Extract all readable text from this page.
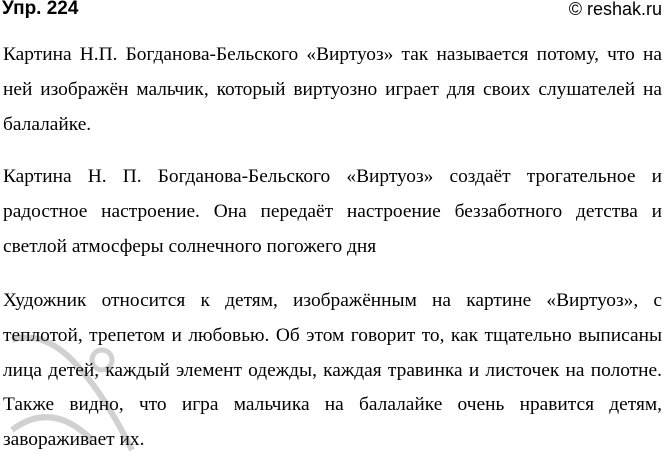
Упр. 224	© reshak.ru

Картина Н.П. Богданова-Бельского «Виртуоз» так называется потому, что на ней изображён мальчик, который виртуозно играет для своих слушателей на балалайке.

Картина Н. П. Богданова-Бельского «Виртуоз» создаёт трогательное и радостное настроение. Она передаёт настроение беззаботного детства и светлой атмосферы солнечного погожего дня

Художник относится к детям, изображённым на картине «Виртуоз», с теплотой, трепетом и любовью. Об этом говорит то, как тщательно выписаны лица детей, каждый элемент одежды, каждая травинка и листочек на полотне. Также видно, что игра мальчика на балалайке очень нравится детям, завораживает их.
